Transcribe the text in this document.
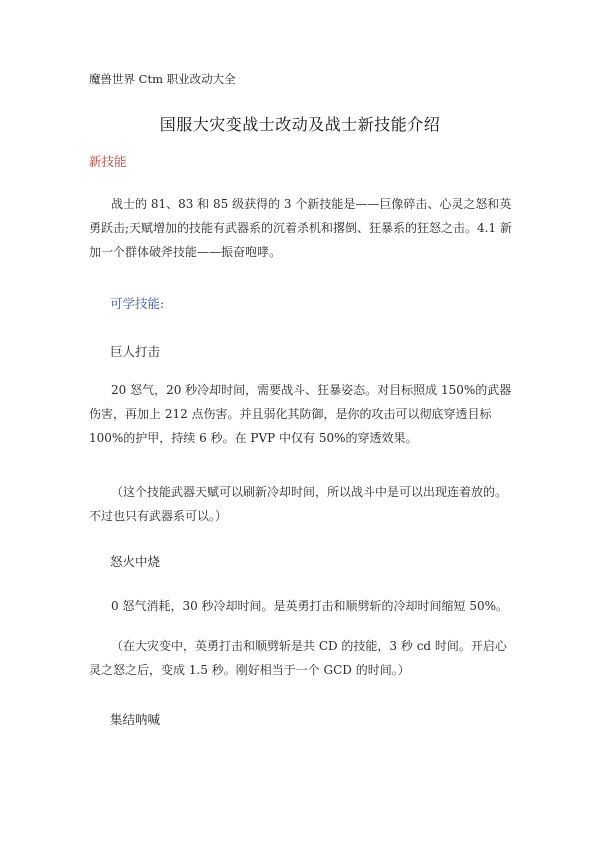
魔兽世界 Ctm 职业改动大全
国服大灾变战士改动及战士新技能介绍
新技能
战士的 81、83 和 85 级获得的 3 个新技能是——巨像碎击、心灵之怒和英勇跃击;天赋增加的技能有武器系的沉着杀机和撂倒、狂暴系的狂怒之击。4.1 新加一个群体破斧技能——振奋咆哮。
可学技能:
巨人打击
20 怒气，20 秒冷却时间，需要战斗、狂暴姿态。对目标照成 150%的武器伤害，再加上 212 点伤害。并且弱化其防御，是你的攻击可以彻底穿透目标 100%的护甲，持续 6 秒。在 PVP 中仅有 50%的穿透效果。
（这个技能武器天赋可以刷新冷却时间，所以战斗中是可以出现连着放的。不过也只有武器系可以。）
怒火中烧
0 怒气消耗，30 秒冷却时间。是英勇打击和顺劈斩的冷却时间缩短 50%。
（在大灾变中，英勇打击和顺劈斩是共 CD 的技能，3 秒 cd 时间。开启心灵之怒之后，变成 1.5 秒。刚好相当于一个 GCD 的时间。）
集结呐喊
